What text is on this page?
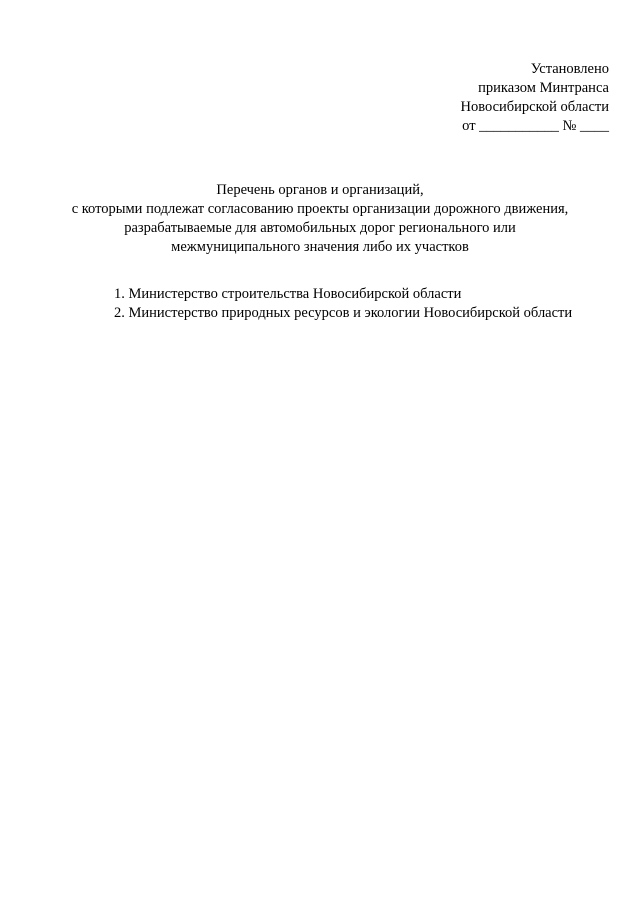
Установлено
приказом Минтранса
Новосибирской области
от ___________ № ____
Перечень органов и организаций,
с которыми подлежат согласованию проекты организации дорожного движения,
разрабатываемые для автомобильных дорог регионального или
межмуниципального значения либо их участков
1. Министерство строительства Новосибирской области
2. Министерство природных ресурсов и экологии Новосибирской области
